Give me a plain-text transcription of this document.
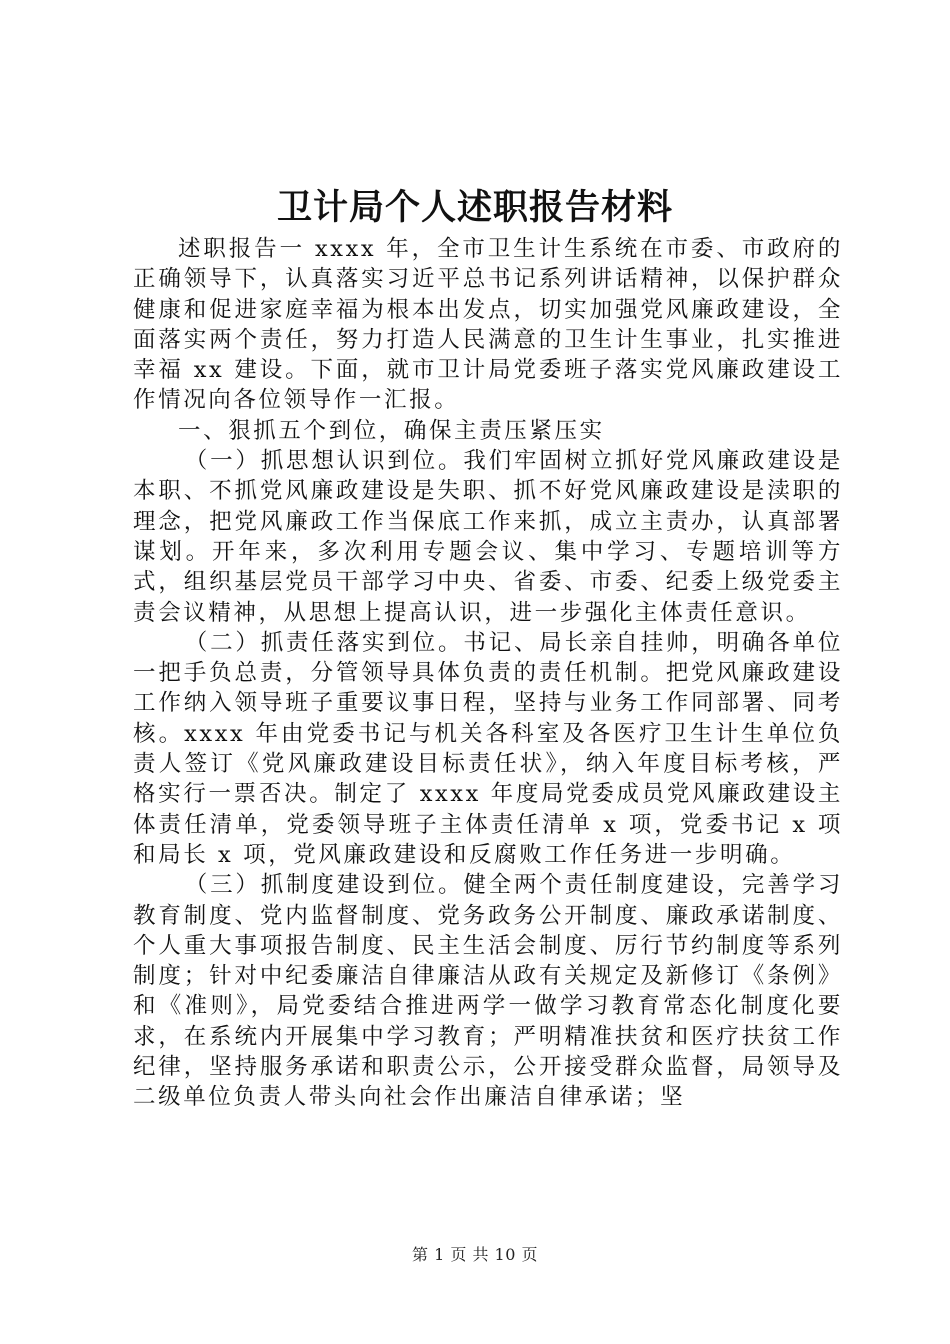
卫计局个人述职报告材料

述职报告一 xxxx 年，全市卫生计生系统在市委、市政府的正确领导下，认真落实习近平总书记系列讲话精神，以保护群众健康和促进家庭幸福为根本出发点，切实加强党风廉政建设，全面落实两个责任，努力打造人民满意的卫生计生事业，扎实推进幸福 xx 建设。下面，就市卫计局党委班子落实党风廉政建设工作情况向各位领导作一汇报。

一、狠抓五个到位，确保主责压紧压实

（一）抓思想认识到位。我们牢固树立抓好党风廉政建设是本职、不抓党风廉政建设是失职、抓不好党风廉政建设是渎职的理念，把党风廉政工作当保底工作来抓，成立主责办，认真部署谋划。开年来，多次利用专题会议、集中学习、专题培训等方式，组织基层党员干部学习中央、省委、市委、纪委上级党委主责会议精神，从思想上提高认识，进一步强化主体责任意识。

（二）抓责任落实到位。书记、局长亲自挂帅，明确各单位一把手负总责，分管领导具体负责的责任机制。把党风廉政建设工作纳入领导班子重要议事日程，坚持与业务工作同部署、同考核。xxxx 年由党委书记与机关各科室及各医疗卫生计生单位负责人签订《党风廉政建设目标责任状》，纳入年度目标考核，严格实行一票否决。制定了 xxxx 年度局党委成员党风廉政建设主体责任清单，党委领导班子主体责任清单 x 项，党委书记 x 项和局长 x 项，党风廉政建设和反腐败工作任务进一步明确。

（三）抓制度建设到位。健全两个责任制度建设，完善学习教育制度、党内监督制度、党务政务公开制度、廉政承诺制度、个人重大事项报告制度、民主生活会制度、厉行节约制度等系列制度；针对中纪委廉洁自律廉洁从政有关规定及新修订《条例》和《准则》，局党委结合推进两学一做学习教育常态化制度化要求，在系统内开展集中学习教育；严明精准扶贫和医疗扶贫工作纪律，坚持服务承诺和职责公示，公开接受群众监督，局领导及二级单位负责人带头向社会作出廉洁自律承诺；坚

第 1 页 共 10 页
